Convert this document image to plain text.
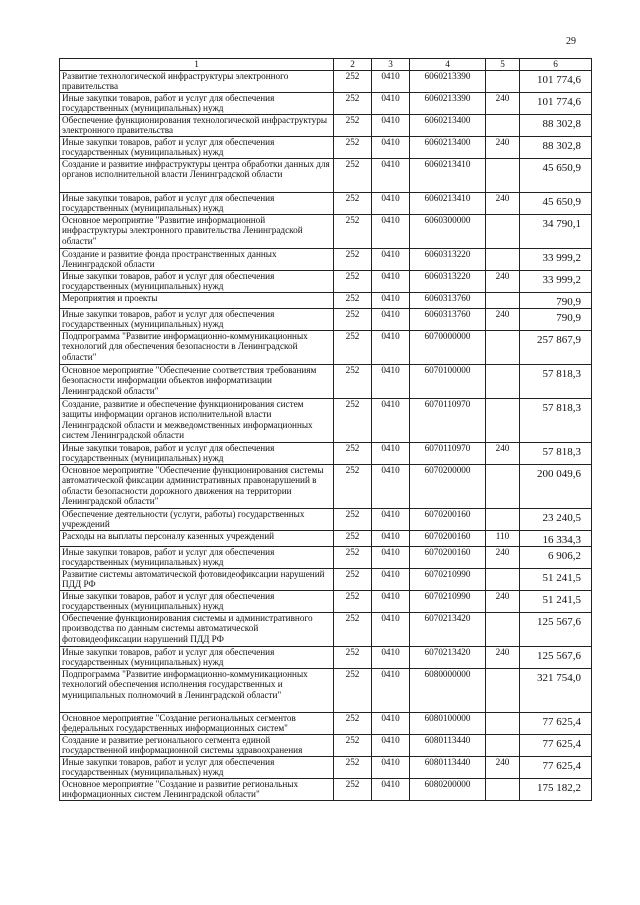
29
1	2	3	4	5	6
Развитие технологической инфраструктуры электронного правительства	252	0410	6060213390		101 774,6
Иные закупки товаров, работ и услуг для обеспечения государственных (муниципальных) нужд	252	0410	6060213390	240	101 774,6
Обеспечение функционирования технологической инфраструктуры электронного правительства	252	0410	6060213400		88 302,8
Иные закупки товаров, работ и услуг для обеспечения государственных (муниципальных) нужд	252	0410	6060213400	240	88 302,8
Создание и развитие инфраструктуры центра обработки данных для органов исполнительной власти Ленинградской области	252	0410	6060213410		45 650,9
Иные закупки товаров, работ и услуг для обеспечения государственных (муниципальных) нужд	252	0410	6060213410	240	45 650,9
Основное мероприятие "Развитие информационной инфраструктуры электронного правительства Ленинградской области"	252	0410	6060300000		34 790,1
Создание и развитие фонда пространственных данных Ленинградской области	252	0410	6060313220		33 999,2
Иные закупки товаров, работ и услуг для обеспечения государственных (муниципальных) нужд	252	0410	6060313220	240	33 999,2
Мероприятия и проекты	252	0410	6060313760		790,9
Иные закупки товаров, работ и услуг для обеспечения государственных (муниципальных) нужд	252	0410	6060313760	240	790,9
Подпрограмма "Развитие информационно-коммуникационных технологий для обеспечения безопасности в Ленинградской области"	252	0410	6070000000		257 867,9
Основное мероприятие "Обеспечение соответствия требованиям безопасности информации объектов информатизации Ленинградской области"	252	0410	6070100000		57 818,3
Создание, развитие и обеспечение функционирования систем защиты информации органов исполнительной власти Ленинградской области и межведомственных информационных систем Ленинградской области	252	0410	6070110970		57 818,3
Иные закупки товаров, работ и услуг для обеспечения государственных (муниципальных) нужд	252	0410	6070110970	240	57 818,3
Основное мероприятие "Обеспечение функционирования системы автоматической фиксации административных правонарушений в области безопасности дорожного движения на территории Ленинградской области"	252	0410	6070200000		200 049,6
Обеспечение деятельности (услуги, работы) государственных учреждений	252	0410	6070200160		23 240,5
Расходы на выплаты персоналу казенных учреждений	252	0410	6070200160	110	16 334,3
Иные закупки товаров, работ и услуг для обеспечения государственных (муниципальных) нужд	252	0410	6070200160	240	6 906,2
Развитие системы автоматической фотовидеофиксации нарушений ПДД РФ	252	0410	6070210990		51 241,5
Иные закупки товаров, работ и услуг для обеспечения государственных (муниципальных) нужд	252	0410	6070210990	240	51 241,5
Обеспечение функционирования системы и административного производства по данным системы автоматической фотовидеофиксации нарушений ПДД РФ	252	0410	6070213420		125 567,6
Иные закупки товаров, работ и услуг для обеспечения государственных (муниципальных) нужд	252	0410	6070213420	240	125 567,6
Подпрограмма "Развитие информационно-коммуникационных технологий обеспечения исполнения государственных и муниципальных полномочий в Ленинградской области"	252	0410	6080000000		321 754,0
Основное мероприятие "Создание региональных сегментов федеральных государственных информационных систем"	252	0410	6080100000		77 625,4
Создание и развитие регионального сегмента единой государственной информационной системы здравоохранения	252	0410	6080113440		77 625,4
Иные закупки товаров, работ и услуг для обеспечения государственных (муниципальных) нужд	252	0410	6080113440	240	77 625,4
Основное мероприятие "Создание и развитие региональных информационных систем Ленинградской области"	252	0410	6080200000		175 182,2
